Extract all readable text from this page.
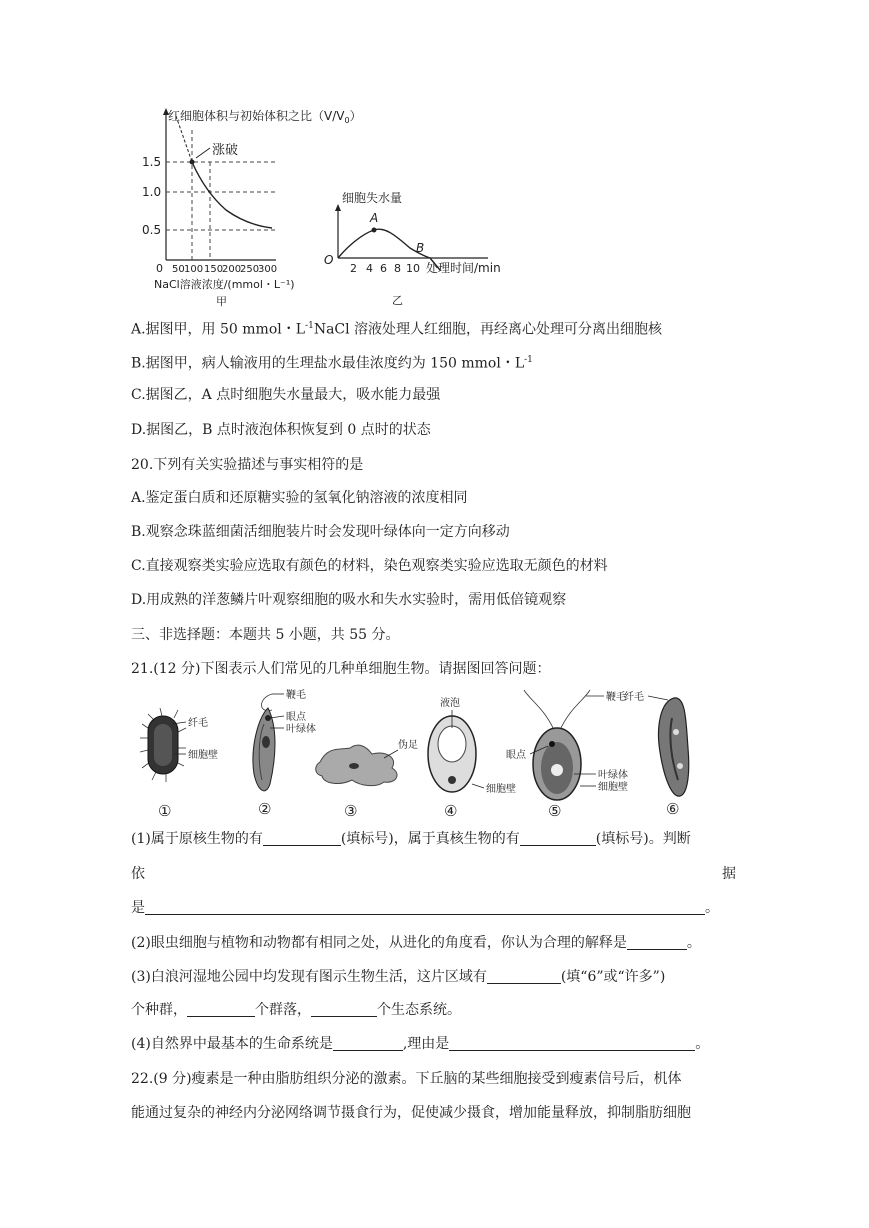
红细胞体积与初始体积之比$(V/V_0)$
涨破
1.5
1.0
0.5
0 50 100 150
200
250
300
NaCl溶液浓度/(mmol・L⁻¹)
甲
细胞失水量
A
B
O
2 4 6 8 10 处理时间/min
乙
A.据图甲，用 50 mmol・$L^{-1}NaCl$ 溶液处理人红细胞，再经离心处理可分离出细胞核
B.据图甲，病人输液用的生理盐水最佳浓度约为 150 mmol・$L^{-1}$
C.据图乙，A 点时细胞失水量最大，吸水能力最强
D.据图乙，B 点时液泡体积恢复到 0 点时的状态
20.下列有关实验描述与事实相符的是
A.鉴定蛋白质和还原糖实验的氢氧化钠溶液的浓度相同
B.观察念珠蓝细菌活细胞装片时会发现叶绿体向一定方向移动
C.直接观察类实验应选取有颜色的材料，染色观察类实验应选取无颜色的材料
D.用成熟的洋葱鳞片叶观察细胞的吸水和失水实验时，需用低倍镜观察
三、非选择题：本题共 5 小题，共 55 分。
21.(12 分)下图表示人们常见的几种单细胞生物。请据图回答问题：
纤毛
细胞壁
①
鞭毛
眼点
叶绿体
②
伪足
③
液泡
细胞壁
④
鞭毛
眼点
叶绿体
细胞壁
⑤
纤毛
⑥
(1)属于原核生物的有	(填标号)，属于真核生物的有	(填标号)。判断
依	据
是	。
(2)眼虫细胞与植物和动物都有相同之处，从进化的角度看，你认为合理的解释是	。
(3)白浪河湿地公园中均发现有图示生物生活，这片区域有	(填“6”或“许多”)
个种群，	个群落，	个生态系统。
(4)自然界中最基本的生命系统是	,理由是	。
22.(9 分)瘦素是一种由脂肪组织分泌的激素。下丘脑的某些细胞接受到瘦素信号后，机体
能通过复杂的神经内分泌网络调节摄食行为，促使减少摄食，增加能量释放，抑制脂肪细胞
